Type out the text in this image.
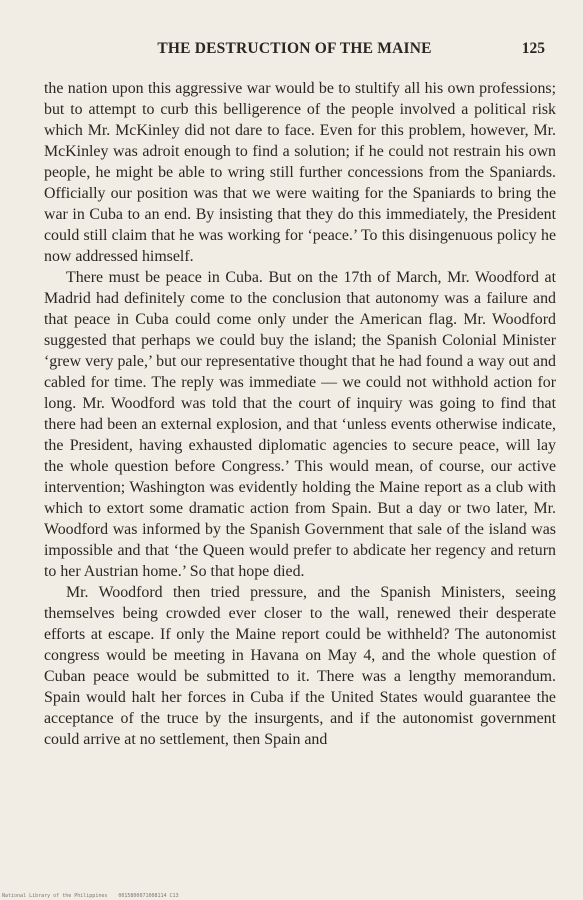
THE DESTRUCTION OF THE MAINE	125

the nation upon this aggressive war would be to stultify all his own professions; but to attempt to curb this belligerence of the people involved a political risk which Mr. McKinley did not dare to face. Even for this problem, however, Mr. McKinley was adroit enough to find a solution; if he could not restrain his own people, he might be able to wring still further concessions from the Spaniards. Officially our position was that we were waiting for the Spaniards to bring the war in Cuba to an end. By insisting that they do this immediately, the President could still claim that he was working for ‘peace.’ To this disingenuous policy he now addressed himself.

There must be peace in Cuba. But on the 17th of March, Mr. Woodford at Madrid had definitely come to the conclusion that autonomy was a failure and that peace in Cuba could come only under the American flag. Mr. Woodford suggested that perhaps we could buy the island; the Spanish Colonial Minister ‘grew very pale,’ but our representative thought that he had found a way out and cabled for time. The reply was immediate — we could not withhold action for long. Mr. Woodford was told that the court of inquiry was going to find that there had been an external explosion, and that ‘unless events otherwise indicate, the President, having exhausted diplomatic agencies to secure peace, will lay the whole question before Congress.’ This would mean, of course, our active intervention; Washington was evidently holding the Maine report as a club with which to extort some dramatic action from Spain. But a day or two later, Mr. Woodford was informed by the Spanish Government that sale of the island was impossible and that ‘the Queen would prefer to abdicate her regency and return to her Austrian home.’ So that hope died.

Mr. Woodford then tried pressure, and the Spanish Ministers, seeing themselves being crowded ever closer to the wall, renewed their desperate efforts at escape. If only the Maine report could be withheld? The autonomist congress would be meeting in Havana on May 4, and the whole question of Cuban peace would be submitted to it. There was a lengthy memorandum. Spain would halt her forces in Cuba if the United States would guarantee the acceptance of the truce by the insurgents, and if the autonomist government could arrive at no settlement, then Spain and

National Library of the Philippines 0015800071008114 C13
